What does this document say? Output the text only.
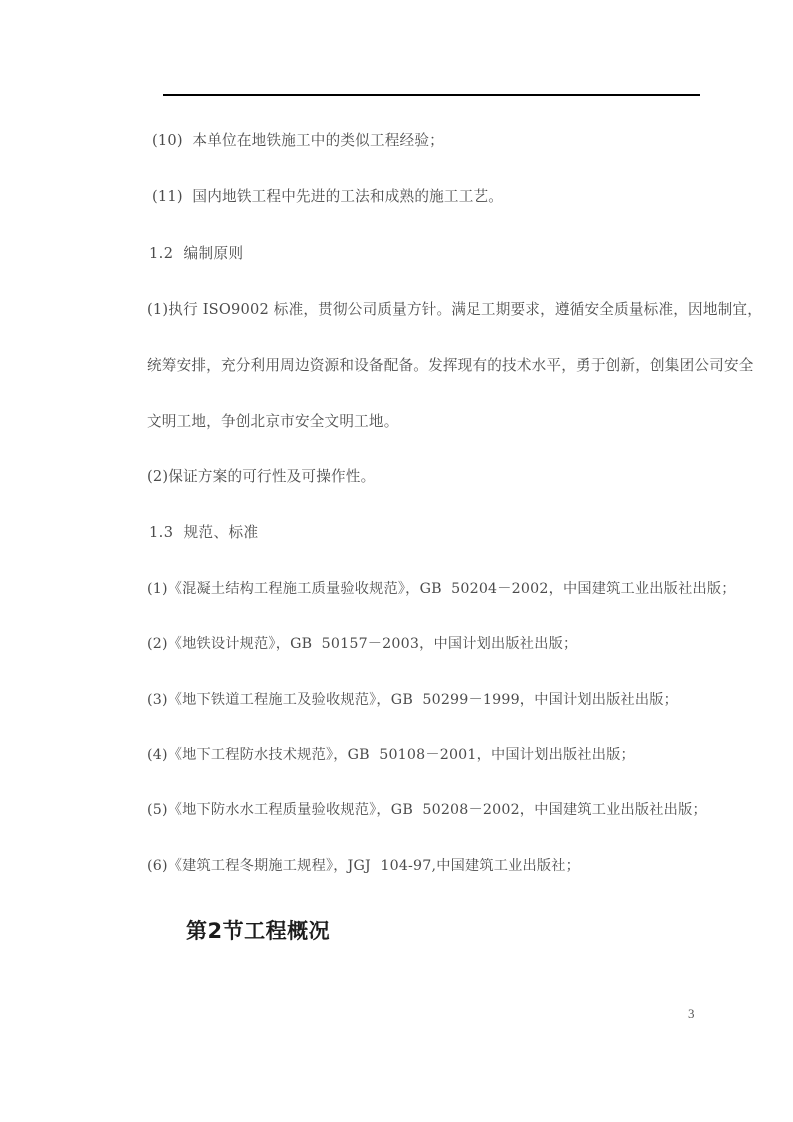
(10)  本单位在地铁施工中的类似工程经验；
(11)  国内地铁工程中先进的工法和成熟的施工工艺。
1.2  编制原则
(1)执行 ISO9002 标准，贯彻公司质量方针。满足工期要求，遵循安全质量标准，因地制宜，
统筹安排，充分利用周边资源和设备配备。发挥现有的技术水平，勇于创新，创集团公司安全
文明工地，争创北京市安全文明工地。
(2)保证方案的可行性及可操作性。
1.3  规范、标准
(1)《混凝土结构工程施工质量验收规范》，GB  50204－2002，中国建筑工业出版社出版；
(2)《地铁设计规范》，GB  50157－2003，中国计划出版社出版；
(3)《地下铁道工程施工及验收规范》，GB  50299－1999，中国计划出版社出版；
(4)《地下工程防水技术规范》，GB  50108－2001，中国计划出版社出版；
(5)《地下防水水工程质量验收规范》，GB  50208－2002，中国建筑工业出版社出版；
(6)《建筑工程冬期施工规程》，JGJ  104-97,中国建筑工业出版社；
第2节工程概况
3
